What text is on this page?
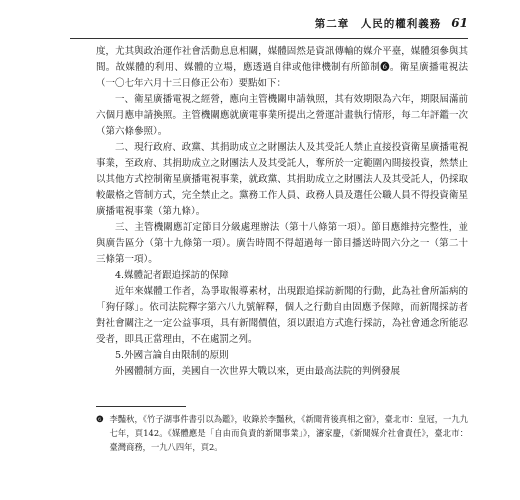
第二章　人民的權利義務 61

度，尤其與政治運作社會活動息息相關，媒體固然是資訊傳輸的媒介平臺，媒體須參與其間。故媒體的利用、媒體的立場，應透過自律或他律機制有所節制❻。衛星廣播電視法（一〇七年六月十三日修正公布）要點如下：

一、衛星廣播電視之經營，應向主管機關申請執照，其有效期限為六年，期限屆滿前六個月應申請換照。主管機關應就廣電事業所提出之營運計畫執行情形，每二年評鑑一次（第六條參照）。

二、現行政府、政黨、其捐助成立之財團法人及其受託人禁止直接投資衛星廣播電視事業，至政府、其捐助成立之財團法人及其受託人，奪所於一定範圍內間接投資，然禁止以其他方式控制衛星廣播電視事業，就政黨、其捐助成立之財團法人及其受託人，仍採取較嚴格之管制方式，完全禁止之。黨務工作人員、政務人員及選任公職人員不得投資衛星廣播電視事業（第九條）。

三、主管機關應訂定節目分級處理辦法（第十八條第一項）。節目應維持完整性，並與廣告區分（第十九條第一項）。廣告時間不得超過每一節目播送時間六分之一（第二十三條第一項）。

4.媒體記者跟追採訪的保障

近年來媒體工作者，為爭取報導素材，出現跟追採訪新聞的行動，此為社會所詬病的「狗仔隊」。依司法院釋字第六八九號解釋，個人之行動自由固應予保障，而新聞採訪者對社會關注之一定公益事項，具有新聞價值，須以跟追方式進行採訪，為社會通念所能忍受者，即具正當理由，不在處罰之列。

5.外國言論自由限制的原則

外國體制方面，美國自一次世界大戰以來，更由最高法院的判例發展

❻ 李豔秋，《竹子湖事件書引以為鑑》，收錄於李豔秋，《新聞背後真相之窗》，臺北市：皇冠，一九九七年，頁142。《媒體應是「自由而負責的新聞事業」》，瀋家慶，《新聞媒介社會責任》，臺北市：臺灣商務，一九八四年，頁2。
